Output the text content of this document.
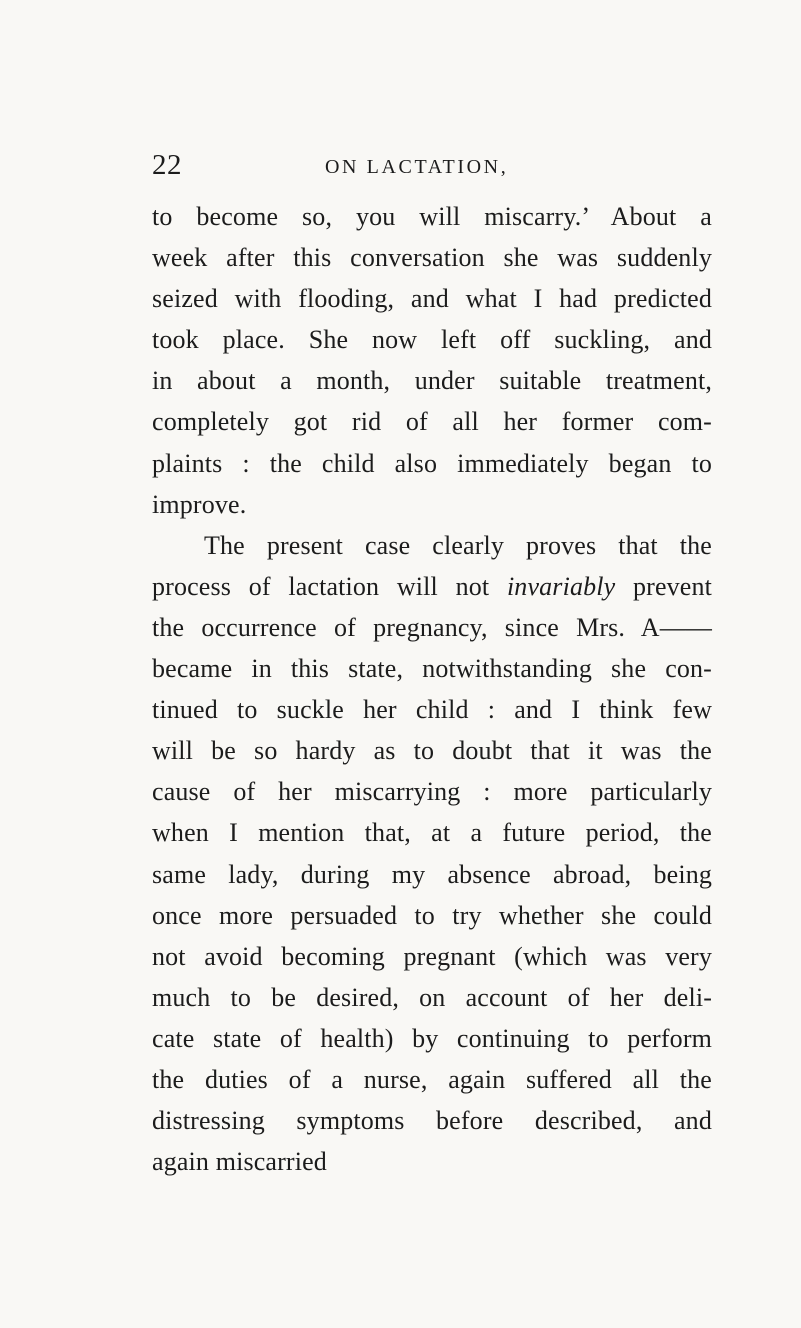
22	ON LACTATION,
to become so, you will miscarry.’ About a
week after this conversation she was suddenly
seized with flooding, and what I had predicted
took place. She now left off suckling, and
in about a month, under suitable treatment,
completely got rid of all her former com-
plaints : the child also immediately began to
improve.
The present case clearly proves that the
process of lactation will not invariably prevent
the occurrence of pregnancy, since Mrs. A——
became in this state, notwithstanding she con-
tinued to suckle her child : and I think few
will be so hardy as to doubt that it was the
cause of her miscarrying : more particularly
when I mention that, at a future period, the
same lady, during my absence abroad, being
once more persuaded to try whether she could
not avoid becoming pregnant (which was very
much to be desired, on account of her deli-
cate state of health) by continuing to perform
the duties of a nurse, again suffered all the
distressing symptoms before described, and
again miscarried
